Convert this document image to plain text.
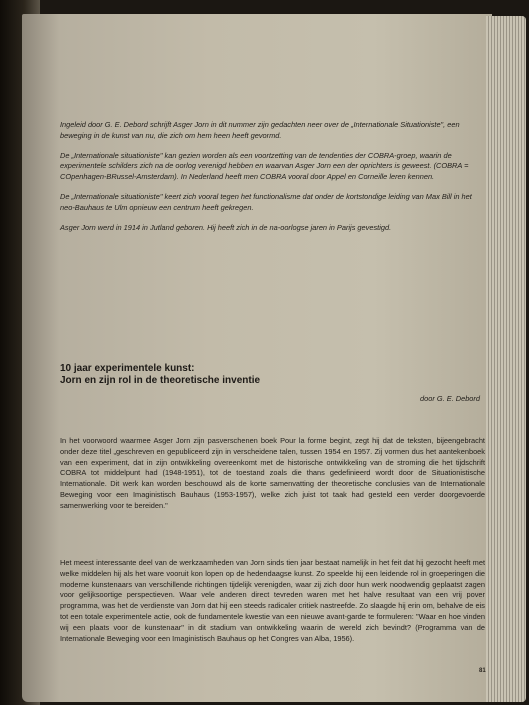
Ingeleid door G. E. Debord schrijft Asger Jorn in dit nummer zijn gedachten neer over de „Internationale Situationiste", een beweging in de kunst van nu, die zich om hem heen heeft gevormd.

De „Internationale situationiste" kan gezien worden als een voortzetting van de tendenties der COBRA-groep, waarin de experimentele schilders zich na de oorlog verenigd hebben en waarvan Asger Jorn een der oprichters is geweest. (COBRA = COpenhagen-BRussel-Amsterdam). In Nederland heeft men COBRA vooral door Appel en Corneille leren kennen.

De „Internationale situationiste" keert zich vooral tegen het functionalisme dat onder de kortstondige leiding van Max Bill in het neo-Bauhaus te Ulm opnieuw een centrum heeft gekregen.

Asger Jorn werd in 1914 in Jutland geboren. Hij heeft zich in de na-oorlogse jaren in Parijs gevestigd.

10 jaar experimentele kunst:
Jorn en zijn rol in de theoretische inventie
door G. E. Debord

In het voorwoord waarmee Asger Jorn zijn pasverschenen boek Pour la forme begint, zegt hij dat de teksten, bijeengebracht onder deze titel „geschreven en gepubliceerd zijn in verscheidene talen, tussen 1954 en 1957. Zij vormen dus het aantekenboek van een experiment, dat in zijn ontwikkeling overeenkomt met de historische ontwikkeling van de stroming die het tijdschrift COBRA tot middelpunt had (1948-1951), tot de toestand zoals die thans gedefinieerd wordt door de Situationistische Internationale. Dit werk kan worden beschouwd als de korte samenvatting der theoretische conclusies van de Internationale Beweging voor een Imaginistisch Bauhaus (1953-1957), welke zich juist tot taak had gesteld een verder doorgevoerde samenwerking voor te bereiden."

Het meest interessante deel van de werkzaamheden van Jorn sinds tien jaar bestaat namelijk in het feit dat hij gezocht heeft met welke middelen hij als het ware vooruit kon lopen op de hedendaagse kunst. Zo speelde hij een leidende rol in groeperingen die moderne kunstenaars van verschillende richtingen tijdelijk verenigden, waar zij zich door hun werk noodwendig geplaatst zagen voor gelijksoortige perspectieven. Waar vele anderen direct tevreden waren met het halve resultaat van een vrij pover programma, was het de verdienste van Jorn dat hij een steeds radicaler critiek nastreefde. Zo slaagde hij erin om, behalve de eis tot een totale experimentele actie, ook de fundamentele kwestie van een nieuwe avant-garde te formuleren: "Waar en hoe vinden wij een plaats voor de kunstenaar" in dit stadium van ontwikkeling waarin de wereld zich bevindt? (Programma van de Internationale Beweging voor een Imaginistisch Bauhaus op het Congres van Alba, 1956).

81
